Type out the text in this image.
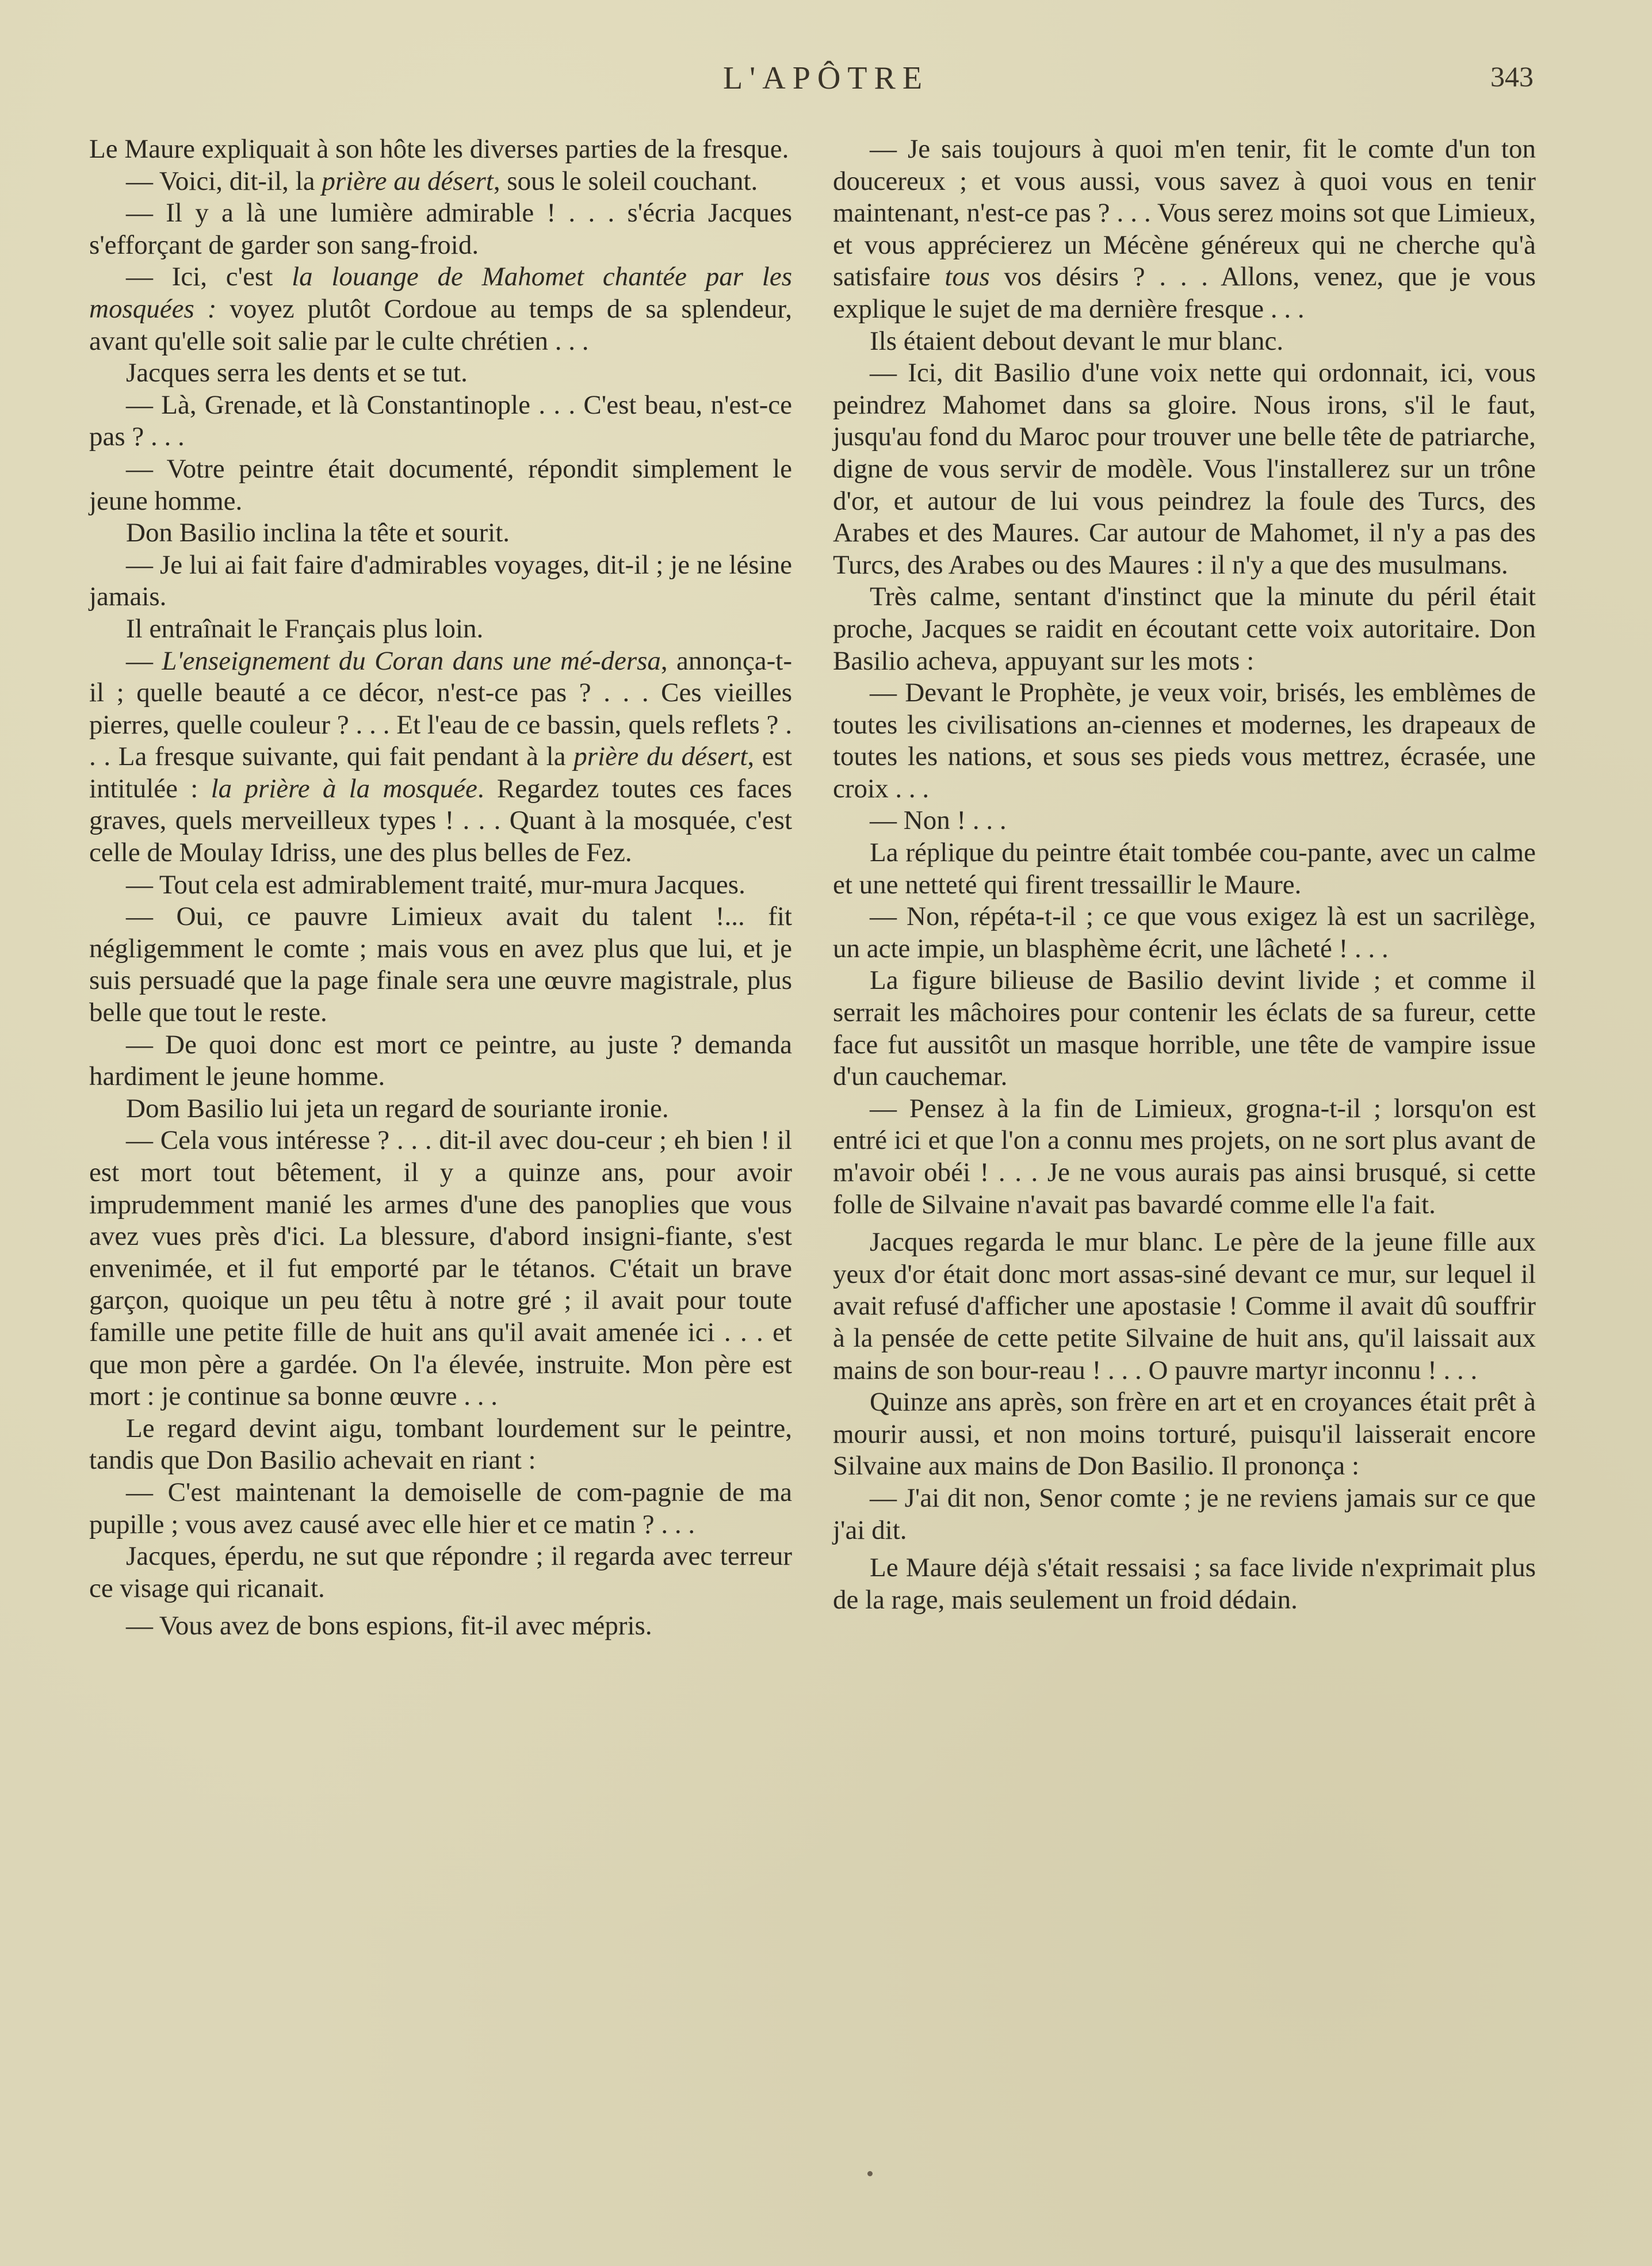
L'APÔTRE	343

Le Maure expliquait à son hôte les diverses parties de la fresque.

— Voici, dit-il, la prière au désert, sous le soleil couchant.

— Il y a là une lumière admirable ! . . . s'écria Jacques s'efforçant de garder son sang-froid.

— Ici, c'est la louange de Mahomet chantée par les mosquées : voyez plutôt Cordoue au temps de sa splendeur, avant qu'elle soit salie par le culte chrétien . . .

Jacques serra les dents et se tut.

— Là, Grenade, et là Constantinople . . . C'est beau, n'est-ce pas ? . . .

— Votre peintre était documenté, répondit simplement le jeune homme.

Don Basilio inclina la tête et sourit.

— Je lui ai fait faire d'admirables voyages, dit-il ; je ne lésine jamais.

Il entraînait le Français plus loin.

— L'enseignement du Coran dans une mé-dersa, annonça-t-il ; quelle beauté a ce décor, n'est-ce pas ? . . . Ces vieilles pierres, quelle couleur ? . . . Et l'eau de ce bassin, quels reflets ? . . . La fresque suivante, qui fait pendant à la prière du désert, est intitulée : la prière à la mosquée. Regardez toutes ces faces graves, quels merveilleux types ! . . . Quant à la mosquée, c'est celle de Moulay Idriss, une des plus belles de Fez.

— Tout cela est admirablement traité, mur-mura Jacques.

— Oui, ce pauvre Limieux avait du talent !... fit négligemment le comte ; mais vous en avez plus que lui, et je suis persuadé que la page finale sera une œuvre magistrale, plus belle que tout le reste.

— De quoi donc est mort ce peintre, au juste ? demanda hardiment le jeune homme.

Dom Basilio lui jeta un regard de souriante ironie.

— Cela vous intéresse ? . . . dit-il avec dou-ceur ; eh bien ! il est mort tout bêtement, il y a quinze ans, pour avoir imprudemment manié les armes d'une des panoplies que vous avez vues près d'ici. La blessure, d'abord insigni-fiante, s'est envenimée, et il fut emporté par le tétanos. C'était un brave garçon, quoique un peu têtu à notre gré ; il avait pour toute famille une petite fille de huit ans qu'il avait amenée ici . . . et que mon père a gardée. On l'a élevée, instruite. Mon père est mort : je continue sa bonne œuvre . . .

Le regard devint aigu, tombant lourdement sur le peintre, tandis que Don Basilio achevait en riant :

— C'est maintenant la demoiselle de com-pagnie de ma pupille ; vous avez causé avec elle hier et ce matin ? . . .

Jacques, éperdu, ne sut que répondre ; il regarda avec terreur ce visage qui ricanait.

— Vous avez de bons espions, fit-il avec mépris.

— Je sais toujours à quoi m'en tenir, fit le comte d'un ton doucereux ; et vous aussi, vous savez à quoi vous en tenir maintenant, n'est-ce pas ? . . . Vous serez moins sot que Limieux, et vous apprécierez un Mécène généreux qui ne cherche qu'à satisfaire tous vos désirs ? . . . Allons, venez, que je vous explique le sujet de ma dernière fresque . . .

Ils étaient debout devant le mur blanc.

— Ici, dit Basilio d'une voix nette qui ordonnait, ici, vous peindrez Mahomet dans sa gloire. Nous irons, s'il le faut, jusqu'au fond du Maroc pour trouver une belle tête de patriarche, digne de vous servir de modèle. Vous l'installerez sur un trône d'or, et autour de lui vous peindrez la foule des Turcs, des Arabes et des Maures. Car autour de Mahomet, il n'y a pas des Turcs, des Arabes ou des Maures : il n'y a que des musulmans.

Très calme, sentant d'instinct que la minute du péril était proche, Jacques se raidit en écoutant cette voix autoritaire. Don Basilio acheva, appuyant sur les mots :

— Devant le Prophète, je veux voir, brisés, les emblèmes de toutes les civilisations an-ciennes et modernes, les drapeaux de toutes les nations, et sous ses pieds vous mettrez, écrasée, une croix . . .

— Non ! . . .

La réplique du peintre était tombée cou-pante, avec un calme et une netteté qui firent tressaillir le Maure.

— Non, répéta-t-il ; ce que vous exigez là est un sacrilège, un acte impie, un blasphème écrit, une lâcheté ! . . .

La figure bilieuse de Basilio devint livide ; et comme il serrait les mâchoires pour contenir les éclats de sa fureur, cette face fut aussitôt un masque horrible, une tête de vampire issue d'un cauchemar.

— Pensez à la fin de Limieux, grogna-t-il ; lorsqu'on est entré ici et que l'on a connu mes projets, on ne sort plus avant de m'avoir obéi ! . . . Je ne vous aurais pas ainsi brusqué, si cette folle de Silvaine n'avait pas bavardé comme elle l'a fait.

Jacques regarda le mur blanc. Le père de la jeune fille aux yeux d'or était donc mort assas-siné devant ce mur, sur lequel il avait refusé d'afficher une apostasie ! Comme il avait dû souffrir à la pensée de cette petite Silvaine de huit ans, qu'il laissait aux mains de son bour-reau ! . . . O pauvre martyr inconnu ! . . .

Quinze ans après, son frère en art et en croyances était prêt à mourir aussi, et non moins torturé, puisqu'il laisserait encore Silvaine aux mains de Don Basilio. Il prononça :

— J'ai dit non, Senor comte ; je ne reviens jamais sur ce que j'ai dit.

Le Maure déjà s'était ressaisi ; sa face livide n'exprimait plus de la rage, mais seulement un froid dédain.
